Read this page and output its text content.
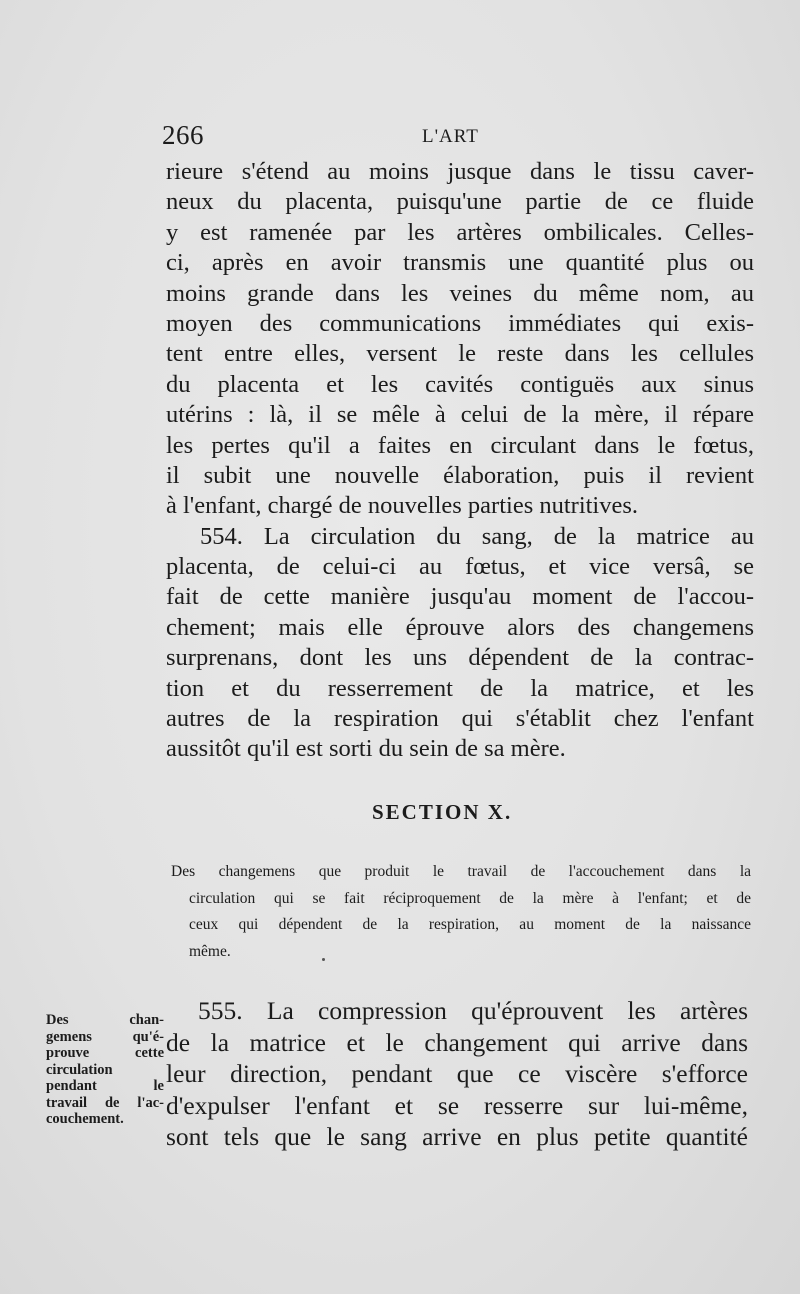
266	L'ART
rieure s'étend au moins jusque dans le tissu caver-
neux du placenta, puisqu'une partie de ce fluide
y est ramenée par les artères ombilicales. Celles-
ci, après en avoir transmis une quantité plus ou
moins grande dans les veines du même nom, au
moyen des communications immédiates qui exis-
tent entre elles, versent le reste dans les cellules
du placenta et les cavités contiguës aux sinus
utérins : là, il se mêle à celui de la mère, il répare
les pertes qu'il a faites en circulant dans le fœtus,
il subit une nouvelle élaboration, puis il revient
à l'enfant, chargé de nouvelles parties nutritives.
554. La circulation du sang, de la matrice au
placenta, de celui-ci au fœtus, et vice versâ, se
fait de cette manière jusqu'au moment de l'accou-
chement; mais elle éprouve alors des changemens
surprenans, dont les uns dépendent de la contrac-
tion et du resserrement de la matrice, et les
autres de la respiration qui s'établit chez l'enfant
aussitôt qu'il est sorti du sein de sa mère.
SECTION X.
Des changemens que produit le travail de l'accouchement dans la
circulation qui se fait réciproquement de la mère à l'enfant; et de
ceux qui dépendent de la respiration, au moment de la naissance
même.
Des chan-
gemens qu'é-
prouve cette
circulation
pendant le
travail de l'ac-
couchement.
555. La compression qu'éprouvent les artères
de la matrice et le changement qui arrive dans
leur direction, pendant que ce viscère s'efforce
d'expulser l'enfant et se resserre sur lui-même,
sont tels que le sang arrive en plus petite quantité
